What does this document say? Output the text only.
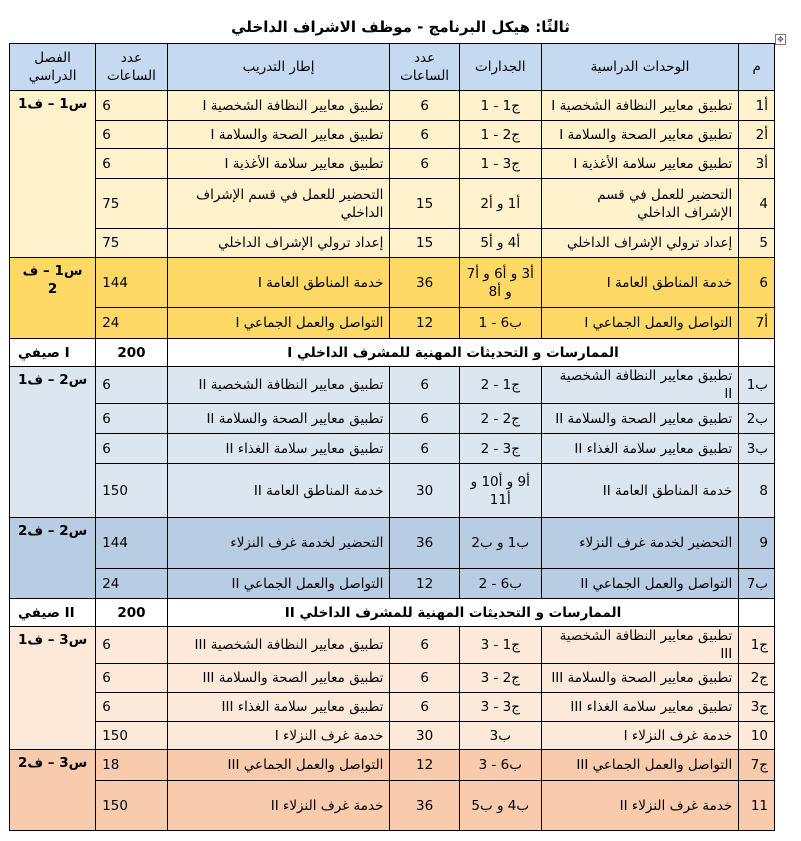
ثالثًا: هيكل البرنامج - موظف الاشراف الداخلي
✥
م	الوحدات الدراسية	الجدارات	عدد الساعات	إطار التدريب	عدد الساعات	الفصل الدراسي
أ1	تطبيق معايير النظافة الشخصية I	ج1 - 1	6	تطبيق معايير النظافة الشخصية I	6	س1 – ف1
أ2	تطبيق معايير الصحة والسلامة I	ج2 - 1	6	تطبيق معايير الصحة والسلامة I	6	
أ3	تطبيق معايير سلامة الأغذية I	ج3 - 1	6	تطبيق معايير سلامة الأغذية I	6	
4	التحضير للعمل في قسم الإشراف الداخلي	أ1 و أ2	15	التحضير للعمل في قسم الإشراف الداخلي	75	
5	إعداد ترولي الإشراف الداخلي	أ4 و أ5	15	إعداد ترولي الإشراف الداخلي	75	
6	خدمة المناطق العامة I	أ3 و أ6 و أ7 و أ8	36	خدمة المناطق العامة I	144	س1 – ف 2
أ7	التواصل والعمل الجماعي I	ب6 - 1	12	التواصل والعمل الجماعي I	24	
	الممارسات و التحديثات المهنية للمشرف الداخلي I				200	صيفي I
ب1	تطبيق معايير النظافة الشخصية II	ج1 - 2	6	تطبيق معايير النظافة الشخصية II	6	س2 – ف1
ب2	تطبيق معايير الصحة والسلامة II	ج2 - 2	6	تطبيق معايير الصحة والسلامة II	6	
ب3	تطبيق معايير سلامة الغذاء II	ج3 - 2	6	تطبيق معايير سلامة الغذاء II	6	
8	خدمة المناطق العامة II	أ9 و أ10 و أ11	30	خدمة المناطق العامة II	150	
9	التحضير لخدمة غرف النزلاء	ب1 و ب2	36	التحضير لخدمة غرف النزلاء	144	س2 – ف2
ب7	التواصل والعمل الجماعي II	ب6 - 2	12	التواصل والعمل الجماعي II	24	
	الممارسات و التحديثات المهنية للمشرف الداخلي II				200	صيفي II
ج1	تطبيق معايير النظافة الشخصية III	ج1 - 3	6	تطبيق معايير النظافة الشخصية III	6	س3 – ف1
ج2	تطبيق معايير الصحة والسلامة III	ج2 - 3	6	تطبيق معايير الصحة والسلامة III	6	
ج3	تطبيق معايير سلامة الغذاء III	ج3 - 3	6	تطبيق معايير سلامة الغذاء III	6	
10	خدمة غرف النزلاء I	ب3	30	خدمة غرف النزلاء I	150	
ج7	التواصل والعمل الجماعي III	ب6 - 3	12	التواصل والعمل الجماعي III	18	س3 – ف2
11	خدمة غرف النزلاء II	ب4 و ب5	36	خدمة غرف النزلاء II	150	
